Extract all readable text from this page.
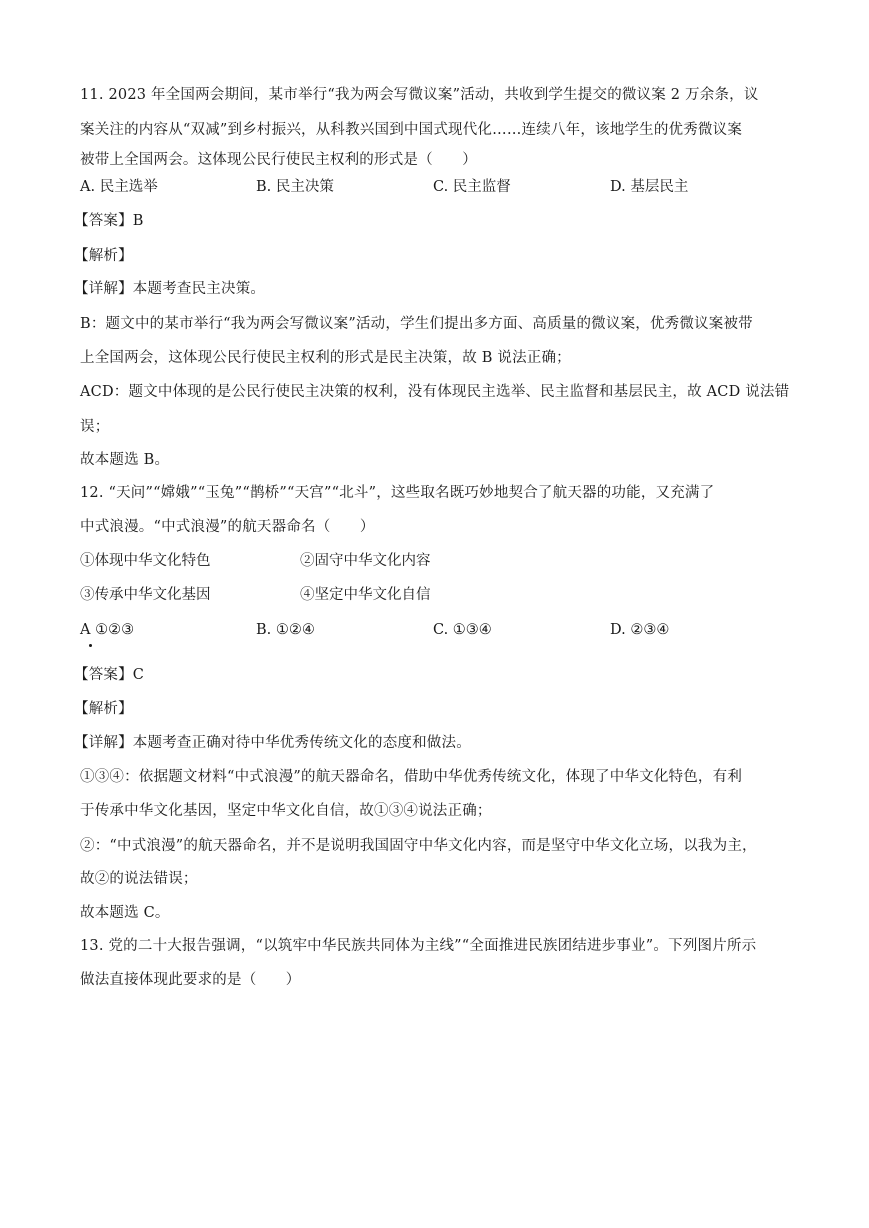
11. 2023 年全国两会期间，某市举行“我为两会写微议案”活动，共收到学生提交的微议案 2 万余条，议
案关注的内容从“双减”到乡村振兴，从科教兴国到中国式现代化……连续八年，该地学生的优秀微议案
被带上全国两会。这体现公民行使民主权利的形式是（　　）
A. 民主选举	B. 民主决策	C. 民主监督	D. 基层民主
【答案】B
【解析】
【详解】本题考查民主决策。
B：题文中的某市举行“我为两会写微议案”活动，学生们提出多方面、高质量的微议案，优秀微议案被带
上全国两会，这体现公民行使民主权利的形式是民主决策，故 B 说法正确；
ACD：题文中体现的是公民行使民主决策的权利，没有体现民主选举、民主监督和基层民主，故 ACD 说法错
误；
故本题选 B。
12. “天问”“嫦娥”“玉兔”“鹊桥”“天宫”“北斗”，这些取名既巧妙地契合了航天器的功能，又充满了
中式浪漫。“中式浪漫”的航天器命名（　　）
①体现中华文化特色	②固守中华文化内容
③传承中华文化基因	④坚定中华文化自信
A ①②③	B. ①②④	C. ①③④	D. ②③④
【答案】C
【解析】
【详解】本题考查正确对待中华优秀传统文化的态度和做法。
①③④：依据题文材料“中式浪漫”的航天器命名，借助中华优秀传统文化，体现了中华文化特色，有利
于传承中华文化基因，坚定中华文化自信，故①③④说法正确；
②：“中式浪漫”的航天器命名，并不是说明我国固守中华文化内容，而是坚守中华文化立场，以我为主，
故②的说法错误；
故本题选 C。
13. 党的二十大报告强调，“以筑牢中华民族共同体为主线”“全面推进民族团结进步事业”。下列图片所示
做法直接体现此要求的是（　　）
